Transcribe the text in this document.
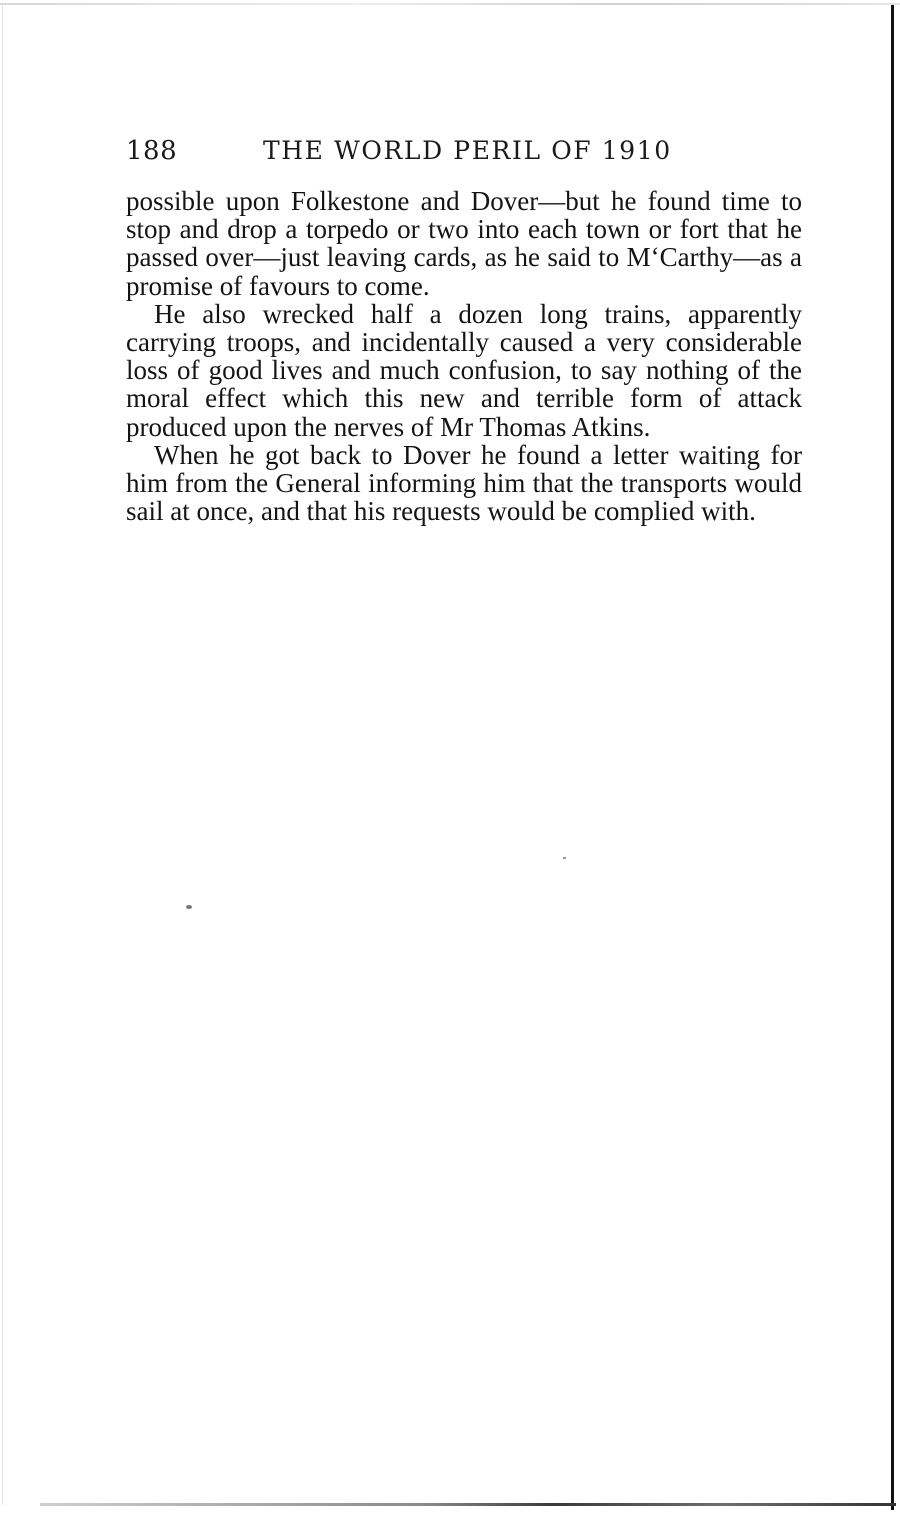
188	THE WORLD PERIL OF 1910

possible upon Folkestone and Dover—but he found time to stop and drop a torpedo or two into each town or fort that he passed over—just leaving cards, as he said to M‘Carthy—as a promise of favours to come.

He also wrecked half a dozen long trains, apparently carrying troops, and incidentally caused a very considerable loss of good lives and much confusion, to say nothing of the moral effect which this new and terrible form of attack produced upon the nerves of Mr Thomas Atkins.

When he got back to Dover he found a letter waiting for him from the General informing him that the transports would sail at once, and that his requests would be complied with.
